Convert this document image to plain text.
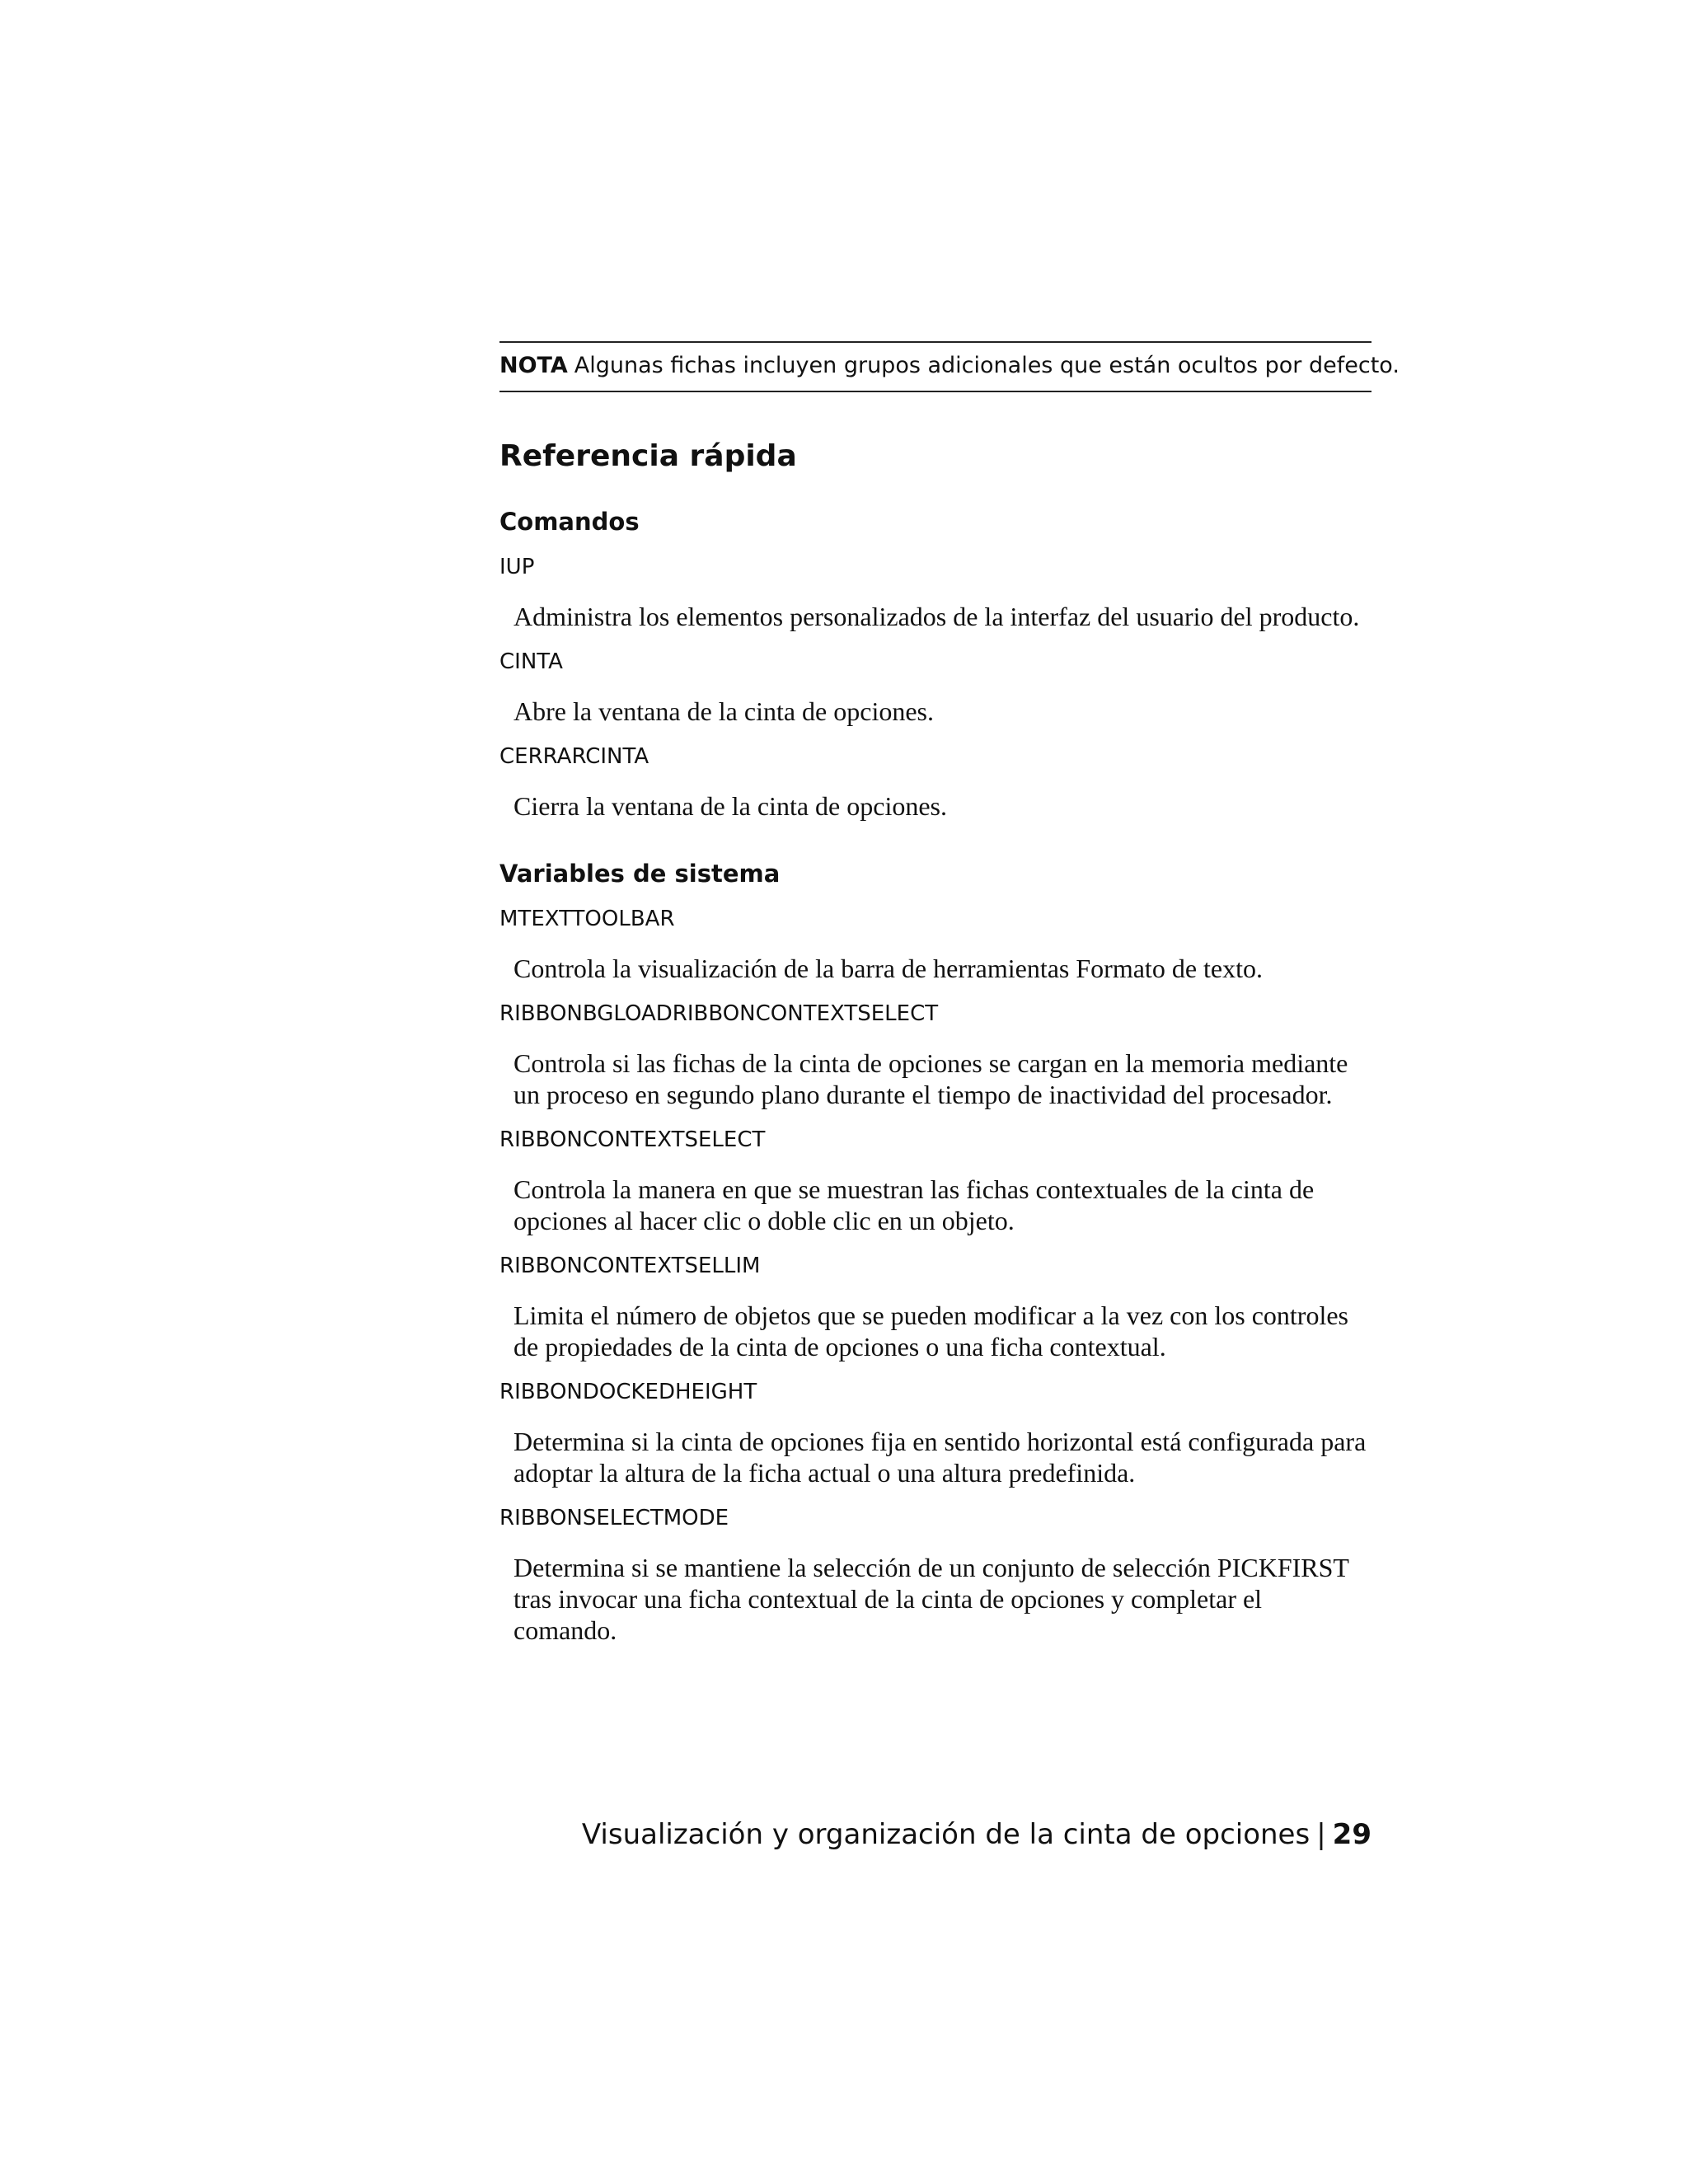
NOTA Algunas fichas incluyen grupos adicionales que están ocultos por defecto.
Referencia rápida
Comandos

IUP

Administra los elementos personalizados de la interfaz del usuario del producto.

CINTA

Abre la ventana de la cinta de opciones.

CERRARCINTA

Cierra la ventana de la cinta de opciones.

Variables de sistema

MTEXTTOOLBAR

Controla la visualización de la barra de herramientas Formato de texto.

RIBBONBGLOADRIBBONCONTEXTSELECT

Controla si las fichas de la cinta de opciones se cargan en la memoria mediante un proceso en segundo plano durante el tiempo de inactividad del procesador.

RIBBONCONTEXTSELECT

Controla la manera en que se muestran las fichas contextuales de la cinta de opciones al hacer clic o doble clic en un objeto.

RIBBONCONTEXTSELLIM

Limita el número de objetos que se pueden modificar a la vez con los controles de propiedades de la cinta de opciones o una ficha contextual.

RIBBONDOCKEDHEIGHT

Determina si la cinta de opciones fija en sentido horizontal está configurada para adoptar la altura de la ficha actual o una altura predefinida.

RIBBONSELECTMODE

Determina si se mantiene la selección de un conjunto de selección PICKFIRST tras invocar una ficha contextual de la cinta de opciones y completar el comando.

Visualización y organización de la cinta de opciones | 29
